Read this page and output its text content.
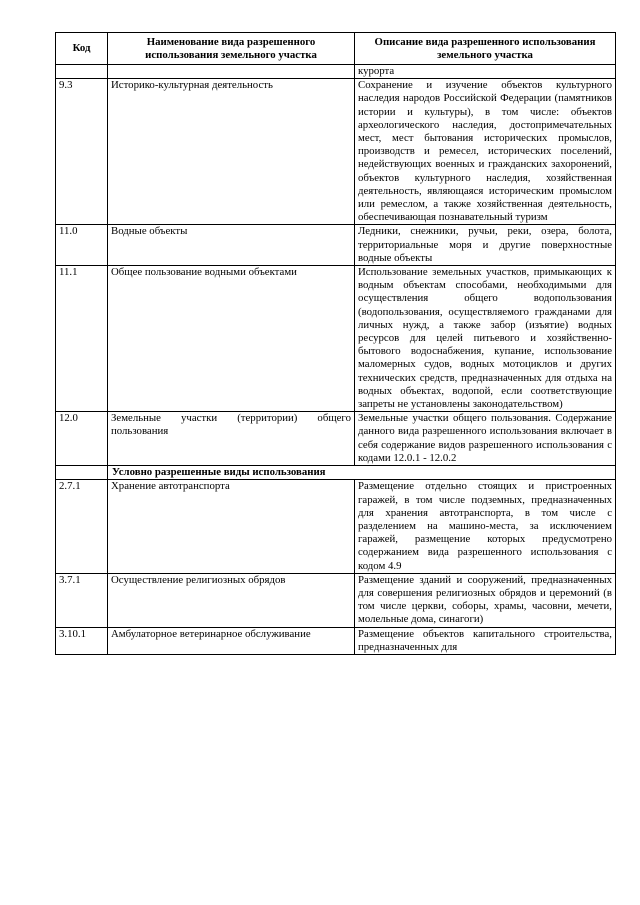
Код	Наименование вида разрешенного использования земельного участка	Описание вида разрешенного использования земельного участка

		курорта

9.3	Историко-культурная деятельность	Сохранение и изучение объектов культурного наследия народов Российской Федерации (памятников истории и культуры), в том числе: объектов археологического наследия, достопримечательных мест, мест бытования исторических промыслов, производств и ремесел, исторических поселений, недействующих военных и гражданских захоронений, объектов культурного наследия, хозяйственная деятельность, являющаяся историческим промыслом или ремеслом, а также хозяйственная деятельность, обеспечивающая познавательный туризм

11.0	Водные объекты	Ледники, снежники, ручьи, реки, озера, болота, территориальные моря и другие поверхностные водные объекты

11.1	Общее пользование водными объектами	Использование земельных участков, примыкающих к водным объектам способами, необходимыми для осуществления общего водопользования (водопользования, осуществляемого гражданами для личных нужд, а также забор (изъятие) водных ресурсов для целей питьевого и хозяйственно-бытового водоснабжения, купание, использование маломерных судов, водных мотоциклов и других технических средств, предназначенных для отдыха на водных объектах, водопой, если соответствующие запреты не установлены законодательством)

12.0	Земельные участки (территории) общего пользования	Земельные участки общего пользования. Содержание данного вида разрешенного использования включает в себя содержание видов разрешенного использования с кодами 12.0.1 - 12.0.2

	Условно разрешенные виды использования	
2.7.1	Хранение автотранспорта	Размещение отдельно стоящих и пристроенных гаражей, в том числе подземных, предназначенных для хранения автотранспорта, в том числе с разделением на машино-места, за исключением гаражей, размещение которых предусмотрено содержанием вида разрешенного использования с кодом 4.9

3.7.1	Осуществление религиозных обрядов	Размещение зданий и сооружений, предназначенных для совершения религиозных обрядов и церемоний (в том числе церкви, соборы, храмы, часовни, мечети, молельные дома, синагоги)

3.10.1	Амбулаторное ветеринарное обслуживание	Размещение объектов капитального строительства, предназначенных для
